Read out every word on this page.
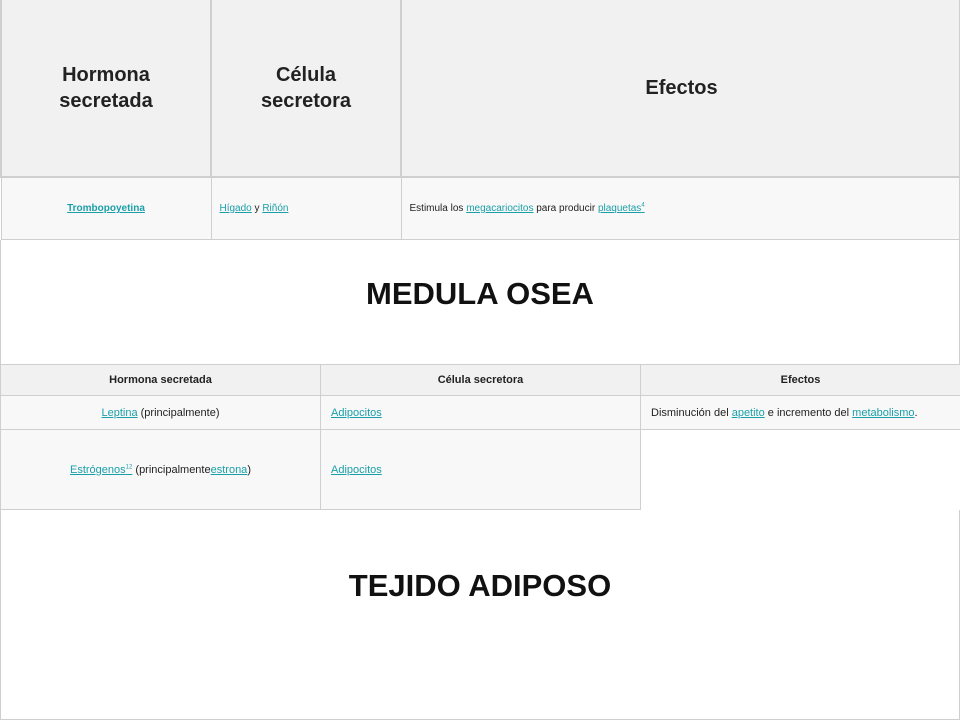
Hormona secretada	Célula secretora	Efectos
Trombopoyetina	Hígado y Riñón	Estimula los megacariocitos para producir plaquetas$^4$
MEDULA OSEA
Hormona secretada	Célula secretora	Efectos
Leptina (principalmente)	Adipocitos	Disminución del apetito e incremento del metabolismo.
Estrógenos$^{12}$ (principalmenteestrona)	Adipocitos	
TEJIDO ADIPOSO
